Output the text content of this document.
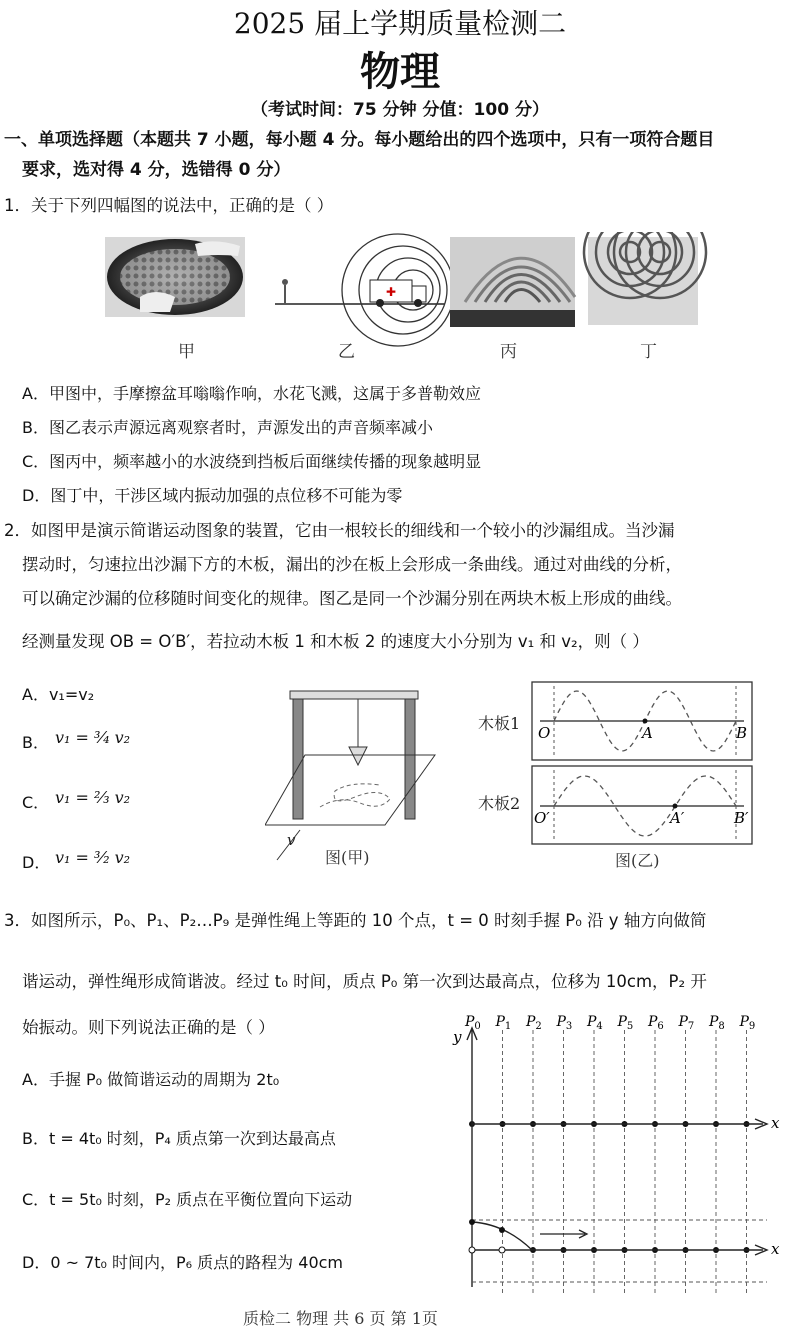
2025 届上学期质量检测二
物理
（考试时间：75 分钟 分值：100 分）
一、单项选择题（本题共 7 小题，每小题 4 分。每小题给出的四个选项中，只有一项符合题目
要求，选对得 4 分，选错得 0 分）
1．关于下列四幅图的说法中，正确的是（ ）
✚
甲	乙	丙	丁
A．甲图中，手摩擦盆耳嗡嗡作响，水花飞溅，这属于多普勒效应
B．图乙表示声源远离观察者时，声源发出的声音频率减小
C．图丙中，频率越小的水波绕到挡板后面继续传播的现象越明显
D．图丁中，干涉区域内振动加强的点位移不可能为零
2．如图甲是演示简谐运动图象的装置，它由一根较长的细线和一个较小的沙漏组成。当沙漏
摆动时，匀速拉出沙漏下方的木板，漏出的沙在板上会形成一条曲线。通过对曲线的分析，
可以确定沙漏的位移随时间变化的规律。图乙是同一个沙漏分别在两块木板上形成的曲线。
经测量发现 OB = O′B′，若拉动木板 1 和木板 2 的速度大小分别为 v₁ 和 v₂，则（ ）
A．v₁=v₂
B． v₁ = ³⁄₄ v₂
C． v₁ = ²⁄₃ v₂
D． v₁ = ³⁄₂ v₂
v
图(甲)
木板1
木板2
O	A	B
O′	A′	B′
图(乙)
3．如图所示，P₀、P₁、P₂…P₉ 是弹性绳上等距的 10 个点，t = 0 时刻手握 P₀ 沿 y 轴方向做简
谐运动，弹性绳形成简谐波。经过 t₀ 时间，质点 P₀ 第一次到达最高点，位移为 10cm，P₂ 开
始振动。则下列说法正确的是（ ）
A．手握 P₀ 做简谐运动的周期为 2t₀
B．t = 4t₀ 时刻，P₄ 质点第一次到达最高点
C．t = 5t₀ 时刻，P₂ 质点在平衡位置向下运动
D．0 ~ 7t₀ 时间内，P₆ 质点的路程为 40cm
$P_0$ $P_1$ $P_2$ $P_3$ $P_4$ $P_5$ $P_6$ $P_7$ $P_8$ $P_9$
y
x
x
质检二 物理 共 6 页 第 1页
